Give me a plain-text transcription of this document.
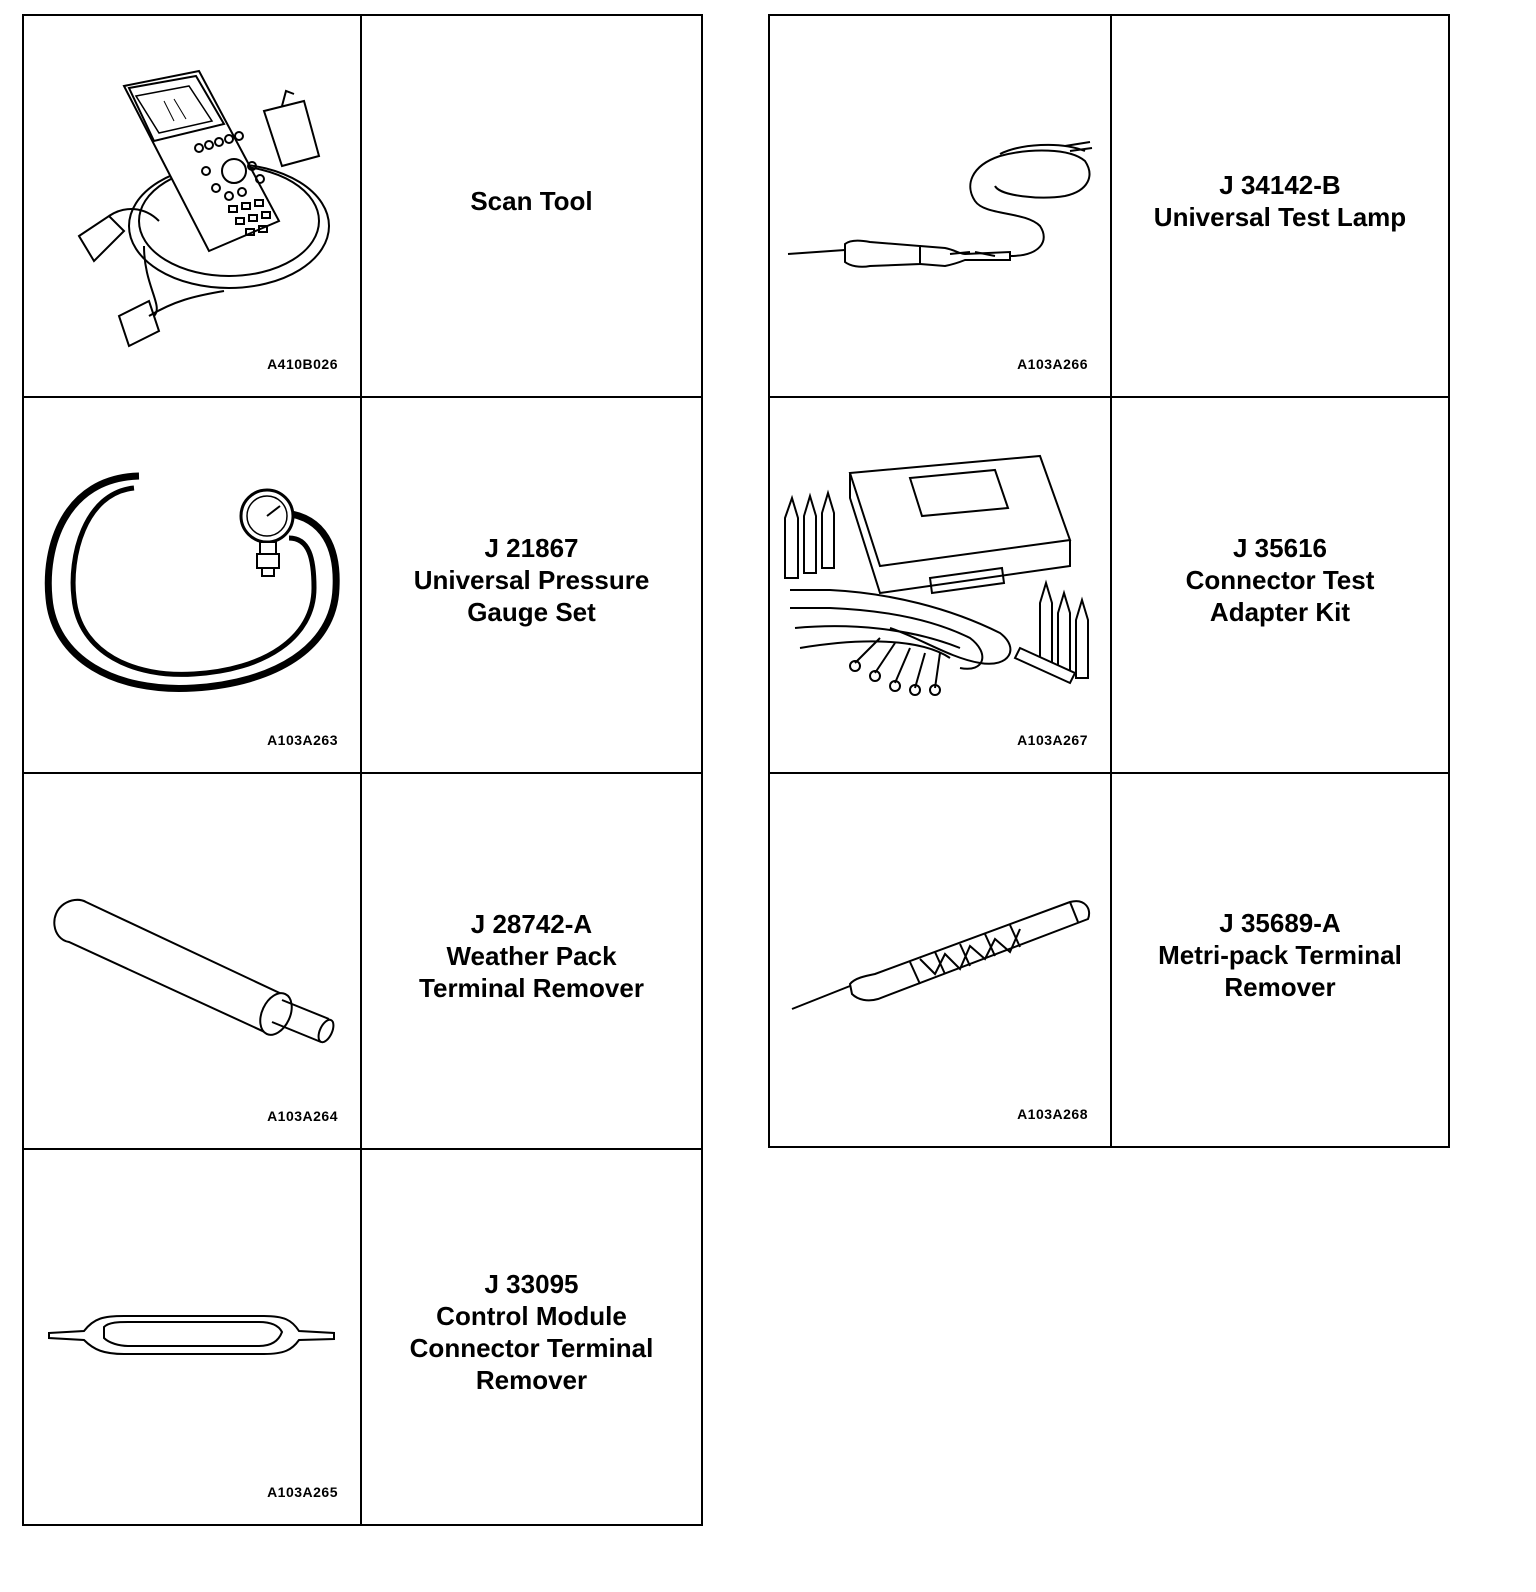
A410B026
Scan Tool
A103A263
J 21867
Universal Pressure
Gauge Set
A103A264
J 28742-A
Weather Pack
Terminal Remover
A103A265
J 33095
Control Module
Connector Terminal
Remover
A103A266
J 34142-B
Universal Test Lamp
A103A267
J 35616
Connector Test
Adapter Kit
A103A268
J 35689-A
Metri-pack Terminal
Remover
